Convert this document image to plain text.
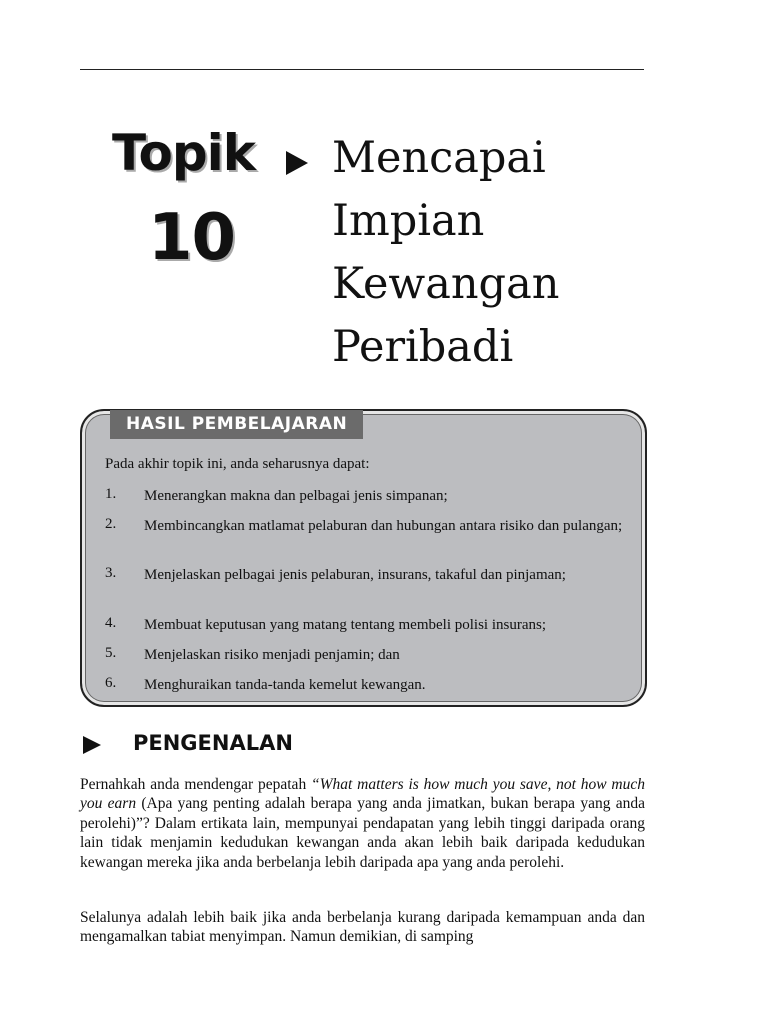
Topik
10
Mencapai
Impian
Kewangan
Peribadi
HASIL PEMBELAJARAN
Pada akhir topik ini, anda seharusnya dapat:
1. Menerangkan makna dan pelbagai jenis simpanan;
2. Membincangkan matlamat pelaburan dan hubungan antara risiko dan pulangan;
3. Menjelaskan pelbagai jenis pelaburan, insurans, takaful dan pinjaman;
4. Membuat keputusan yang matang tentang membeli polisi insurans;
5. Menjelaskan risiko menjadi penjamin; dan
6. Menghuraikan tanda-tanda kemelut kewangan.
PENGENALAN

Pernahkah anda mendengar pepatah “What matters is how much you save, not how much you earn (Apa yang penting adalah berapa yang anda jimatkan, bukan berapa yang anda perolehi)”? Dalam ertikata lain, mempunyai pendapatan yang lebih tinggi daripada orang lain tidak menjamin kedudukan kewangan anda akan lebih baik daripada kedudukan kewangan mereka jika anda berbelanja lebih daripada apa yang anda perolehi.

Selalunya adalah lebih baik jika anda berbelanja kurang daripada kemampuan anda dan mengamalkan tabiat menyimpan. Namun demikian, di samping
